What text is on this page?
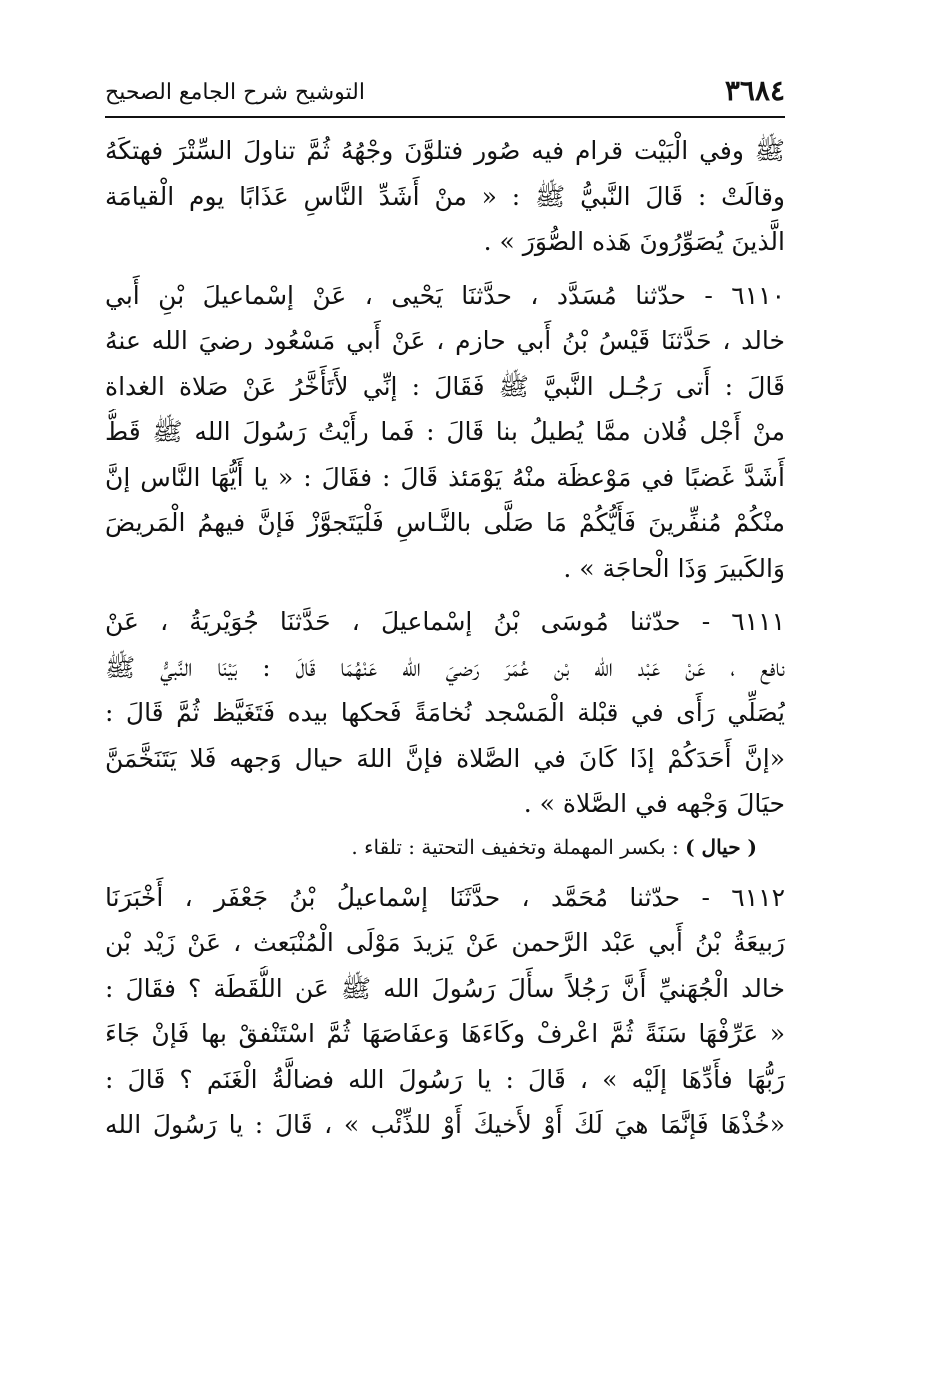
٣٦٨٤
التوشيح شرح الجامع الصحيح
ﷺ وفي الْبَيْت قرام فيه صُور فتلوَّنَ وجْهُهُ ثُمَّ تناولَ السِّتْرَ فهتكَهُ
وقالَتْ : قَالَ النَّبيُّ ﷺ : « منْ أَشَدِّ النَّاسِ عَذَابًا يوم الْقيامَة
الَّذينَ يُصَوِّرُونَ هَذه الصُّوَرَ » .
٦١١٠ - حدّثنا مُسَدَّد ، حدَّثنَا يَحْيى ، عَنْ إسْماعيلَ بْنِ أَبي
خالد ، حَدَّثنَا قَيْسُ بْنُ أَبي حازم ، عَنْ أَبي مَسْعُود رضيَ الله عنهُ
قَالَ : أَتى رَجُـل النَّبيَّ ﷺ فَقَالَ : إنِّي لأَتَأَخَّرُ عَنْ صَلاة الغداة
منْ أَجْل فُلان ممَّا يُطيلُ بنا قَالَ : فَما رأَيْتُ رَسُولَ الله ﷺ قَطُّ
أَشَدَّ غَضبًا في مَوْعظَة منْهُ يَوْمَئذ قَالَ : فقَالَ : « يا أَيُّهَا النَّاس إنَّ
منْكُمْ مُنفِّرينَ فَأَيُّكُمْ مَا صَلَّى بالنَّـاسِ فَلْيَتَجوَّزْ فَإنَّ فيهمُ الْمَريضَ
وَالكَبيرَ وَذَا الْحاجَة » .
٦١١١ - حدّثنا مُوسَى بْنُ إسْماعيلَ ، حَدَّثنَا جُوَيْريَةُ ، عَنْ
نافع ، عَنْ عَبْد الله بْن عُمَرَ رَضيَ الله عَنْهُمَا قَالَ : بَيْنَا النَّبيُّ ﷺ
يُصَلِّي رَأَى في قبْلة الْمَسْجد نُخامَةً فَحكها بيده فَتَغَيَّظ ثُمَّ قَالَ :
«إنَّ أَحَدَكُمْ إذَا كَانَ في الصَّلاة فإنَّ اللهَ حيال وَجهه فَلا يَتَنَخَّمَنَّ
حيَالَ وَجْهه في الصَّلاة » .
( حيال ) : بكسر المهملة وتخفيف التحتية : تلقاء .
٦١١٢ - حدّثنا مُحَمَّد ، حدَّثَنَا إسْماعيلُ بْنُ جَعْفَر ، أَخْبَرَنَا
رَبيعَةُ بْنُ أَبي عَبْد الرَّحمن عَنْ يَزيدَ مَوْلَى الْمُنْبَعث ، عَنْ زَيْد بْن
خالد الْجُهَنيِّ أَنَّ رَجُلاً سأَلَ رَسُولَ الله ﷺ عَن اللُّقَطَة ؟ فقَالَ :
« عَرِّفْهَا سَنَةً ثُمَّ اعْرفْ وكَاءَهَا وَعفَاصَهَا ثُمَّ اسْتَنْفقْ بها فَإنْ جَاءَ
رَبُّهَا فأَدِّهَا إلَيْه » ، قَالَ : يا رَسُولَ الله فضالَّةُ الْغَنَم ؟ قَالَ :
«خُذْهَا فَإنَّمَا هيَ لَكَ أَوْ لأَخيكَ أَوْ للذِّئْب » ، قَالَ : يا رَسُولَ الله
